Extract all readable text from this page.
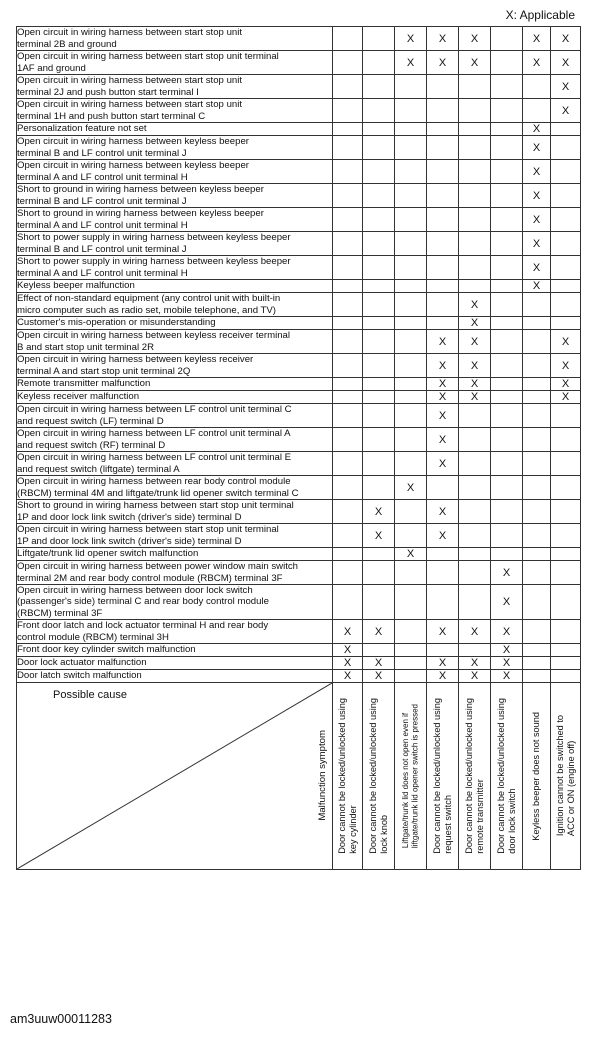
X: Applicable
Open circuit in wiring harness between start stop unit
terminal 2B and ground			X	X	X		X	X
Open circuit in wiring harness between start stop unit terminal
1AF and ground			X	X	X		X	X
Open circuit in wiring harness between start stop unit
terminal 2J and push button start terminal I								X
Open circuit in wiring harness between start stop unit
terminal 1H and push button start terminal C								X
Personalization feature not set							X	
Open circuit in wiring harness between keyless beeper
terminal B and LF control unit terminal J							X	
Open circuit in wiring harness between keyless beeper
terminal A and LF control unit terminal H							X	
Short to ground in wiring harness between keyless beeper
terminal B and LF control unit terminal J							X	
Short to ground in wiring harness between keyless beeper
terminal A and LF control unit terminal H							X	
Short to power supply in wiring harness between keyless beeper
terminal B and LF control unit terminal J							X	
Short to power supply in wiring harness between keyless beeper
terminal A and LF control unit terminal H							X	
Keyless beeper malfunction							X	
Effect of non-standard equipment (any control unit with built-in
micro computer such as radio set, mobile telephone, and TV)					X			
Customer's mis-operation or misunderstanding					X			
Open circuit in wiring harness between keyless receiver terminal
B and start stop unit terminal 2R				X	X			X
Open circuit in wiring harness between keyless receiver
terminal A and start stop unit terminal 2Q				X	X			X
Remote transmitter malfunction				X	X			X
Keyless receiver malfunction				X	X			X
Open circuit in wiring harness between LF control unit terminal C
and request switch (LF) terminal D				X				
Open circuit in wiring harness between LF control unit terminal A
and request switch (RF) terminal D				X				
Open circuit in wiring harness between LF control unit terminal E
and request switch (liftgate) terminal A				X				
Open circuit in wiring harness between rear body control module
(RBCM) terminal 4M and liftgate/trunk lid opener switch terminal C			X					
Short to ground in wiring harness between start stop unit terminal
1P and door lock link switch (driver's side) terminal D		X		X				
Open circuit in wiring harness between start stop unit terminal
1P and door lock link switch (driver's side) terminal D		X		X				
Liftgate/trunk lid opener switch malfunction			X					
Open circuit in wiring harness between power window main switch
terminal 2M and rear body control module (RBCM) terminal 3F						X		
Open circuit in wiring harness between door lock switch
(passenger's side) terminal C and rear body control module
(RBCM) terminal 3F						X		
Front door latch and lock actuator terminal H and rear body
control module (RBCM) terminal 3H	X	X		X	X	X		
Front door key cylinder switch malfunction	X					X		
Door lock actuator malfunction	X	X		X	X	X		
Door latch switch malfunction	X	X		X	X	X		

Possible cause
Malfunction symptom	Door cannot be locked/unlocked using
key cylinder	Door cannot be locked/unlocked using
lock knob	Liftgate/trunk lid does not open even if
liftgate/trunk lid opener switch is pressed	Door cannot be locked/unlocked using
request switch	Door cannot be locked/unlocked using
remote transmitter	Door cannot be locked/unlocked using
door lock switch	Keyless beeper does not sound	Ignition cannot be switched to
ACC or ON (engine off)
am3uuw00011283
